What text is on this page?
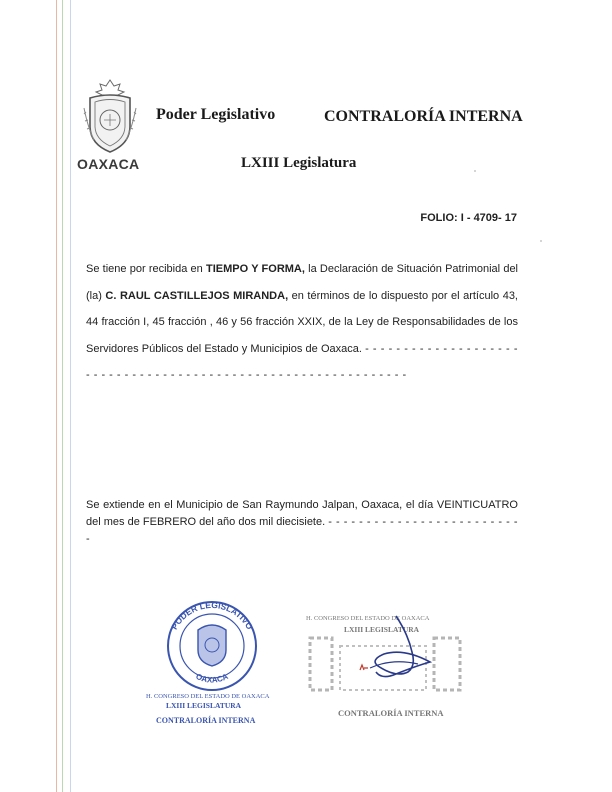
OAXACA
Poder Legislativo	CONTRALORÍA INTERNA
LXIII Legislatura
FOLIO: I - 4709- 17
Se tiene por recibida en TIEMPO Y FORMA, la Declaración de Situación Patrimonial del (la) C. RAUL CASTILLEJOS MIRANDA, en términos de lo dispuesto por el artículo 43, 44 fracción I, 45 fracción , 46 y 56 fracción XXIX, de la Ley de Responsabilidades de los Servidores Públicos del Estado y Municipios de Oaxaca. - - - - - - - - - - - - - - - - - - - - - - - - - - - - - - - - - - - - - - - - - - - - - - - - - - - - - - - - - - - - - -
Se extiende en el Municipio de San Raymundo Jalpan, Oaxaca, el día VEINTICUATRO del mes de FEBRERO del año dos mil diecisiete. - - - - - - - - - - - - - - - - - - - - - - - - - -
PODER LEGISLATIVO
OAXACA
H. CONGRESO DEL ESTADO DE OAXACA
LXIII LEGISLATURA
CONTRALORÍA INTERNA
H. CONGRESO DEL ESTADO DE OAXACA
LXIII LEGISLATURA
CONTRALORÍA INTERNA
